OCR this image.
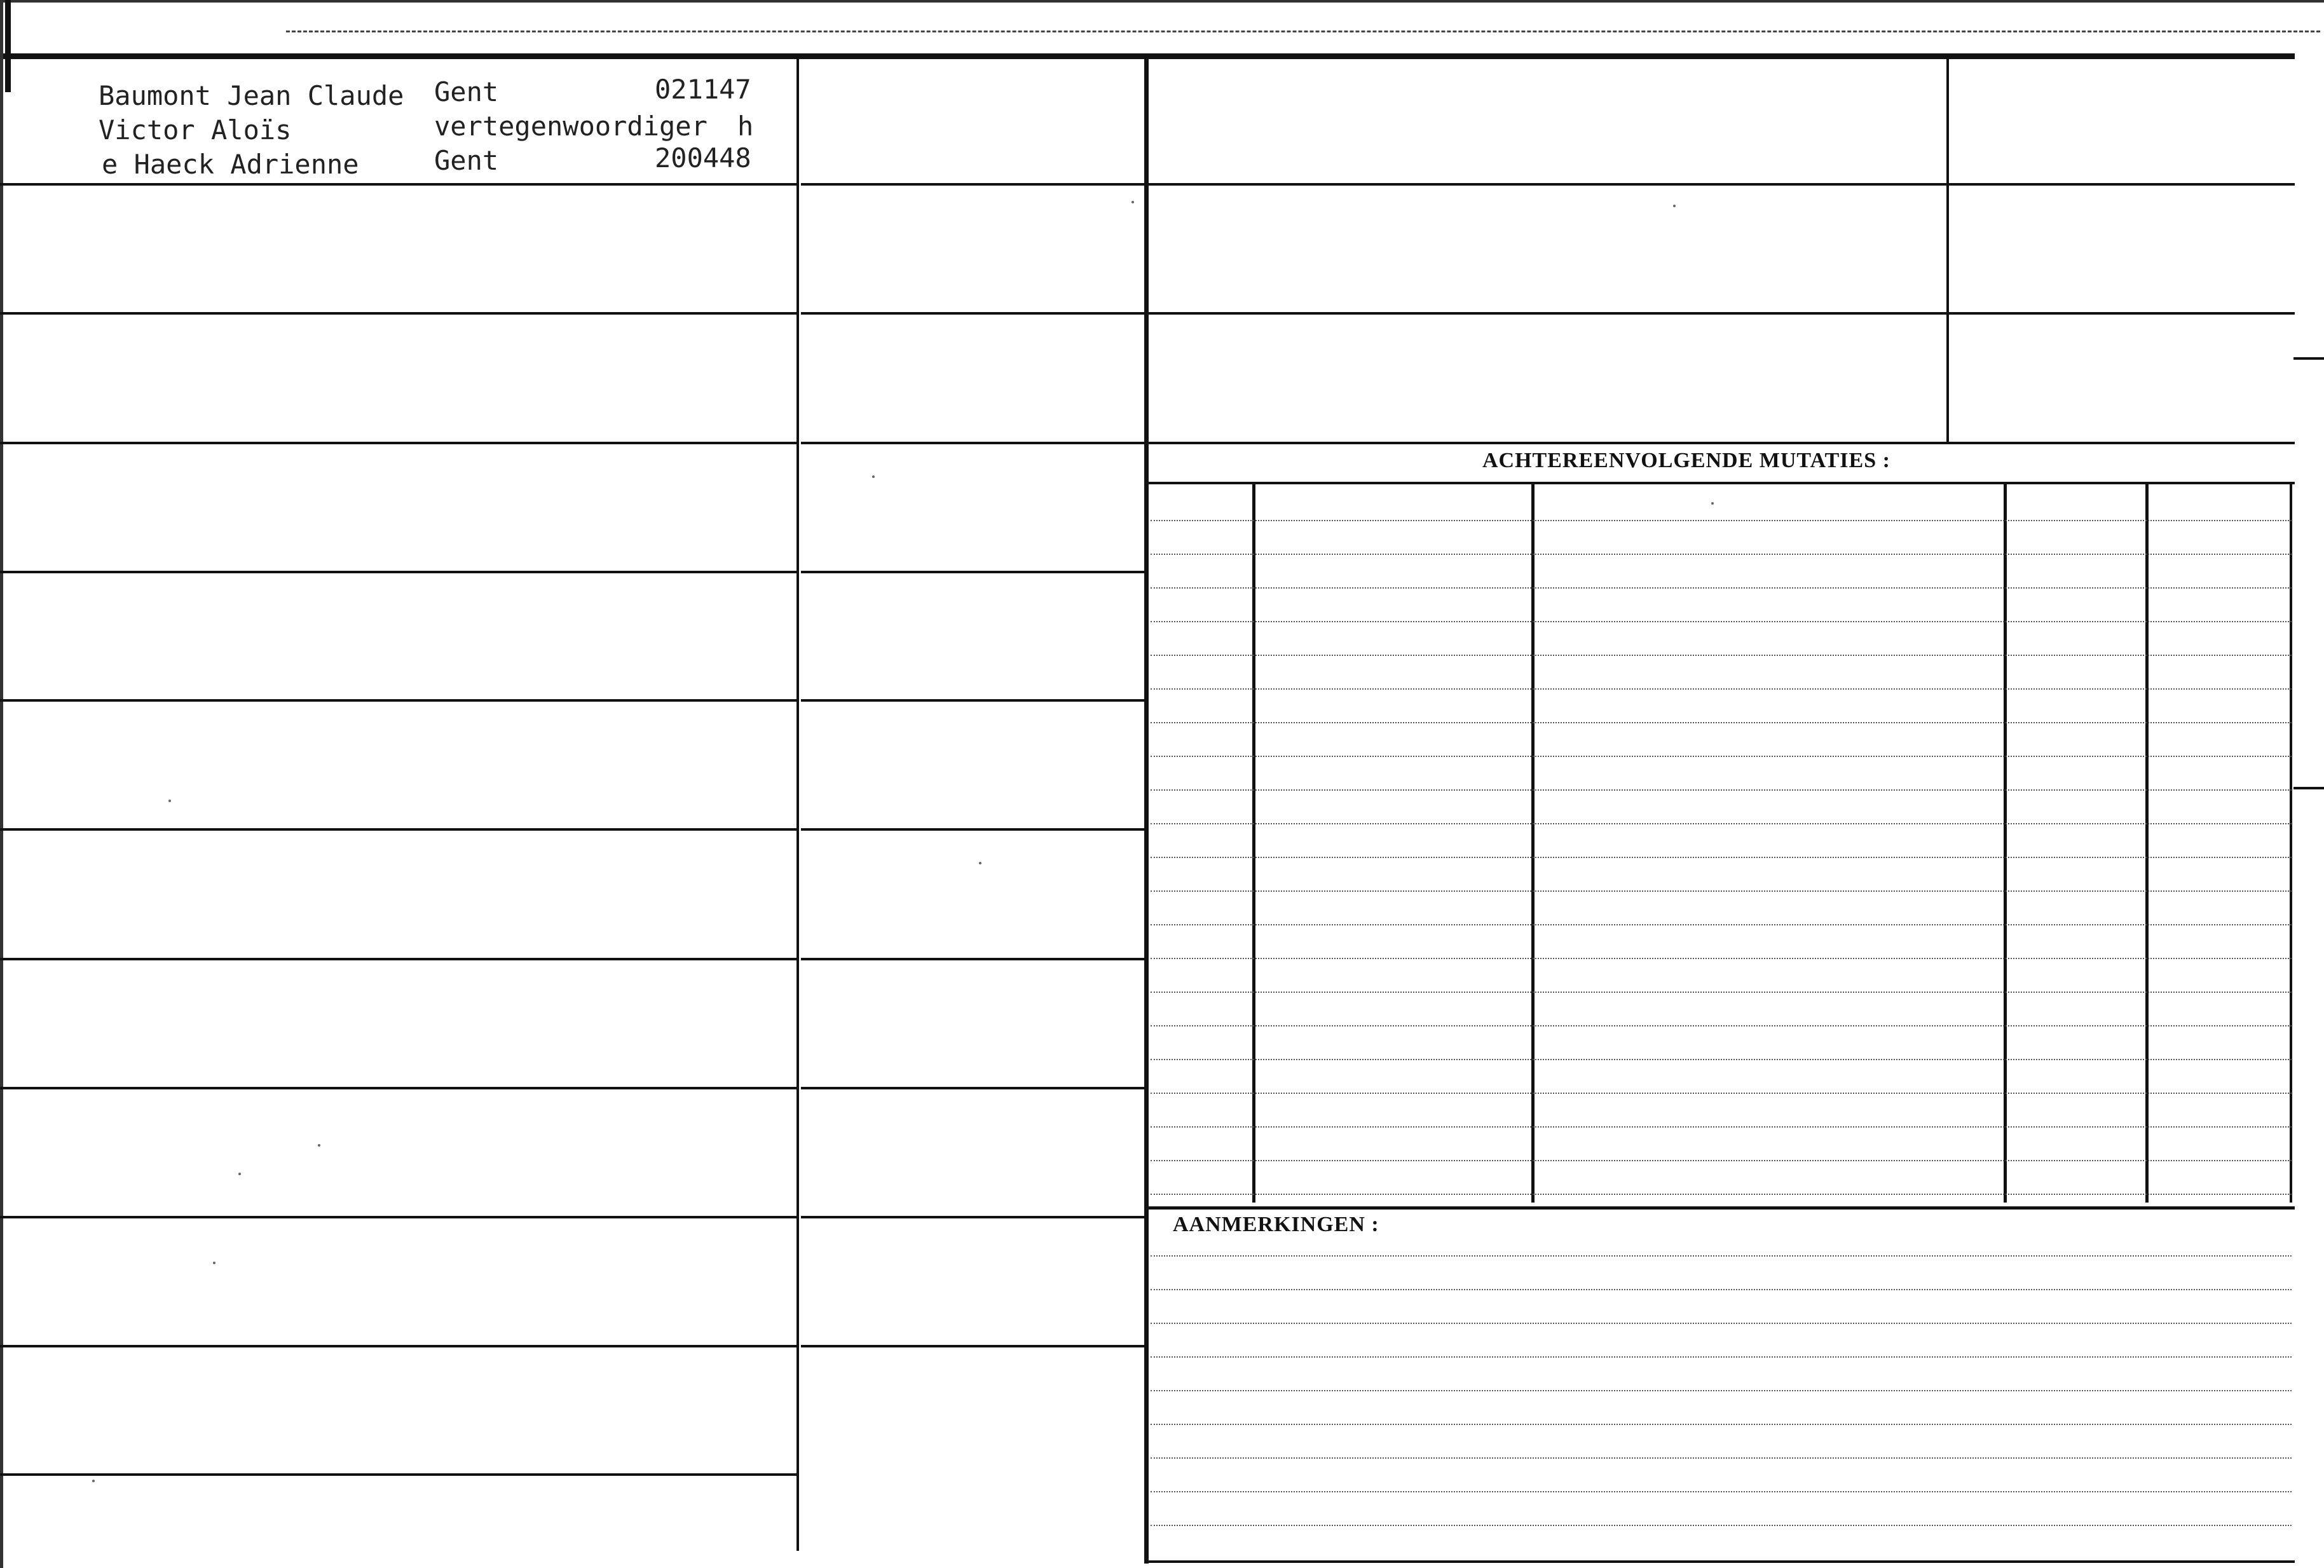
ACHTEREENVOLGENDE MUTATIES :
AANMERKINGEN :
Baumont Jean Claude Gent	021147
Victor Aloïs	vertegenwoordiger h
e Haeck Adrienne	Gent	200448
